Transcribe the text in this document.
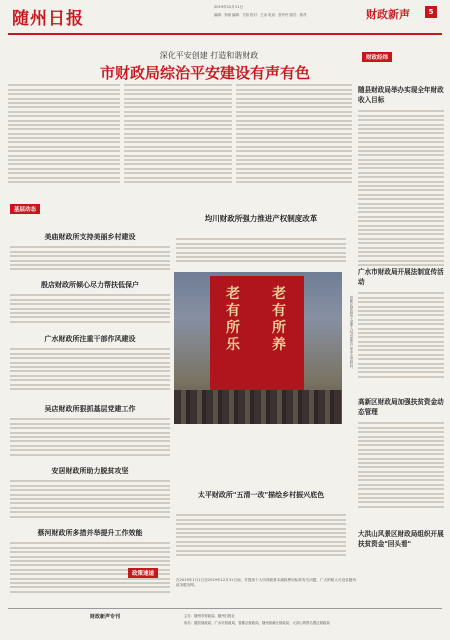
随州日报
2019年12月11日
编辑：李丽 编辑：方如 校对：王冰 电话：张玲玲 版式：郭茂	财政新声	5
深化平安创建 打造和谐财政
市财政局综治平安建设有声有色
基层动态
美庙财政所支持美丽乡村建设
殷店财政所倾心尽力帮扶低保户
广水财政所注重干部作风建设
吴店财政所狠抓基层党建工作
安居财政所助力脱贫攻坚
蔡河财政所多措并举提升工作效能
均川财政所强力推进产权制度改革
老有所乐
老有所养	曾都区财政局干部深入结对帮扶户家中走访慰问。
太平财政所"五清一改"描绘乡村振兴底色
财政经纬
随县财政局举办实现全年财政收入目标
广水市财政局开展法制宣传活动
高新区财政局加强扶贫资金动态管理
大洪山风景区财政局组织开展扶贫资金"回头看"
政策速递
在2019年1月1日至2019年12月31日间，对提高个人所得税基本减除费用标准有关问题，广大纳税人可登录随州政务服务网。
财政新声专刊	主办：随州市财政局、随州日报社
协办：随县财政局、广水市财政局、曾都区财政局、随州高新区财政局、大洪山风景名胜区财政局
